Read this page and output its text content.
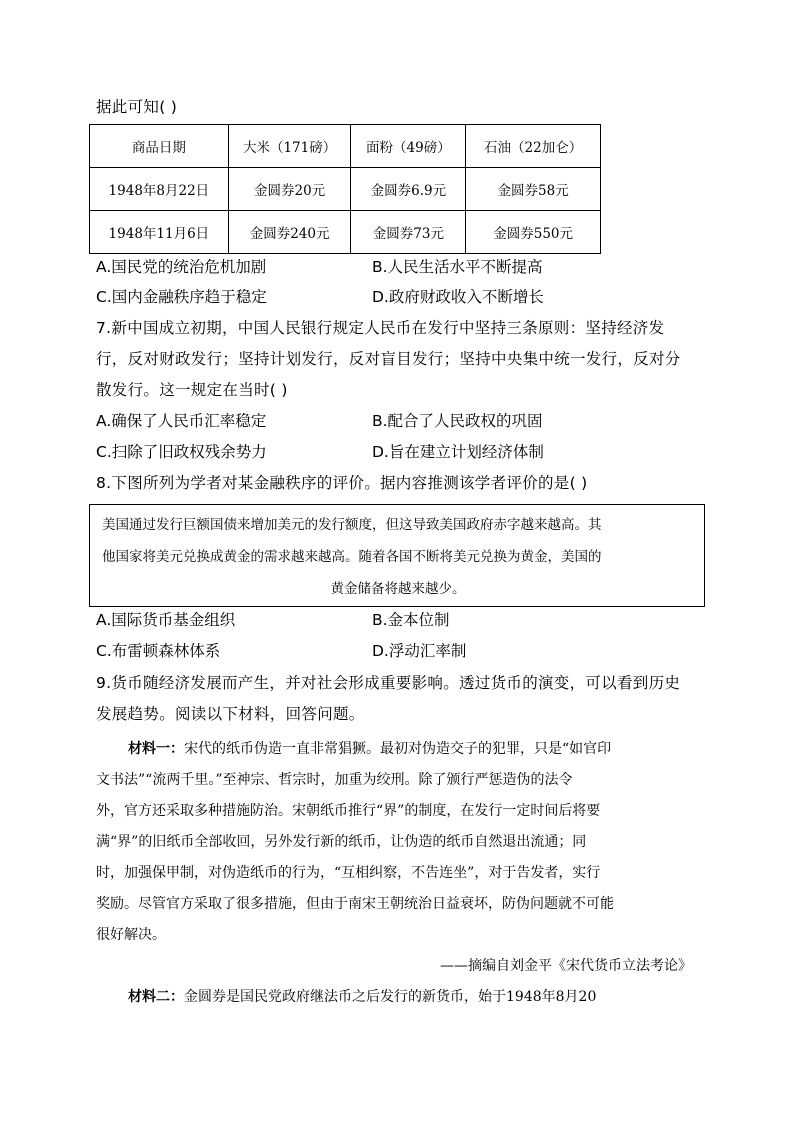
据此可知( )
商品日期	大米（171磅）	面粉（49磅）	石油（22加仑）
1948年8月22日	金圆券20元	金圆券6.9元	金圆券58元
1948年11月6日	金圆券240元	金圆券73元	金圆券550元
A.国民党的统治危机加剧	B.人民生活水平不断提高
C.国内金融秩序趋于稳定	D.政府财政收入不断增长
7.新中国成立初期，中国人民银行规定人民币在发行中坚持三条原则：坚持经济发
行，反对财政发行；坚持计划发行，反对盲目发行；坚持中央集中统一发行，反对分
散发行。这一规定在当时( )
A.确保了人民币汇率稳定	B.配合了人民政权的巩固
C.扫除了旧政权残余势力	D.旨在建立计划经济体制
8.下图所列为学者对某金融秩序的评价。据内容推测该学者评价的是( )
美国通过发行巨额国债来增加美元的发行额度，但这导致美国政府赤字越来越高。其
他国家将美元兑换成黄金的需求越来越高。随着各国不断将美元兑换为黄金，美国的
黄金储备将越来越少。
A.国际货币基金组织	B.金本位制
C.布雷顿森林体系	D.浮动汇率制
9.货币随经济发展而产生，并对社会形成重要影响。透过货币的演变，可以看到历史
发展趋势。阅读以下材料，回答问题。
材料一：宋代的纸币伪造一直非常猖獗。最初对伪造交子的犯罪，只是“如官印
文书法”“流两千里。”至神宗、哲宗时，加重为绞刑。除了颁行严惩造伪的法令
外，官方还采取多种措施防治。宋朝纸币推行“界”的制度，在发行一定时间后将要
满“界”的旧纸币全部收回，另外发行新的纸币，让伪造的纸币自然退出流通；同
时，加强保甲制，对伪造纸币的行为，“互相纠察，不告连坐”，对于告发者，实行
奖励。尽管官方采取了很多措施，但由于南宋王朝统治日益衰坏，防伪问题就不可能
很好解决。
——摘编自刘金平《宋代货币立法考论》
材料二：金圆券是国民党政府继法币之后发行的新货币，始于1948年8月20
